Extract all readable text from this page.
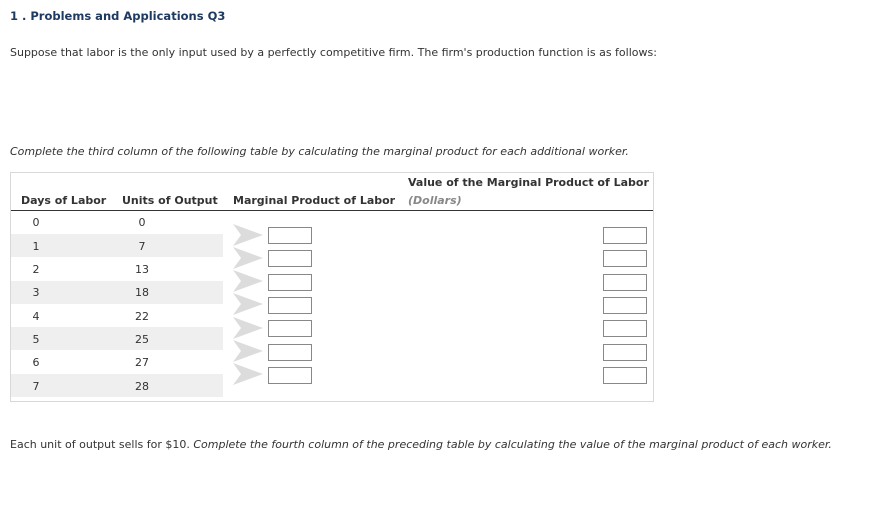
1 . Problems and Applications Q3
Suppose that labor is the only input used by a perfectly competitive firm. The firm's production function is as follows:
Complete the third column of the following table by calculating the marginal product for each additional worker.
Days of Labor Units of Output Marginal Product of Labor
Value of the Marginal Product of Labor
(Dollars)
0
1
2
3
4
5
6
7
0
7
13
18
22
25
27
28
Each unit of output sells for $10. Complete the fourth column of the preceding table by calculating the value of the marginal product of each worker.
